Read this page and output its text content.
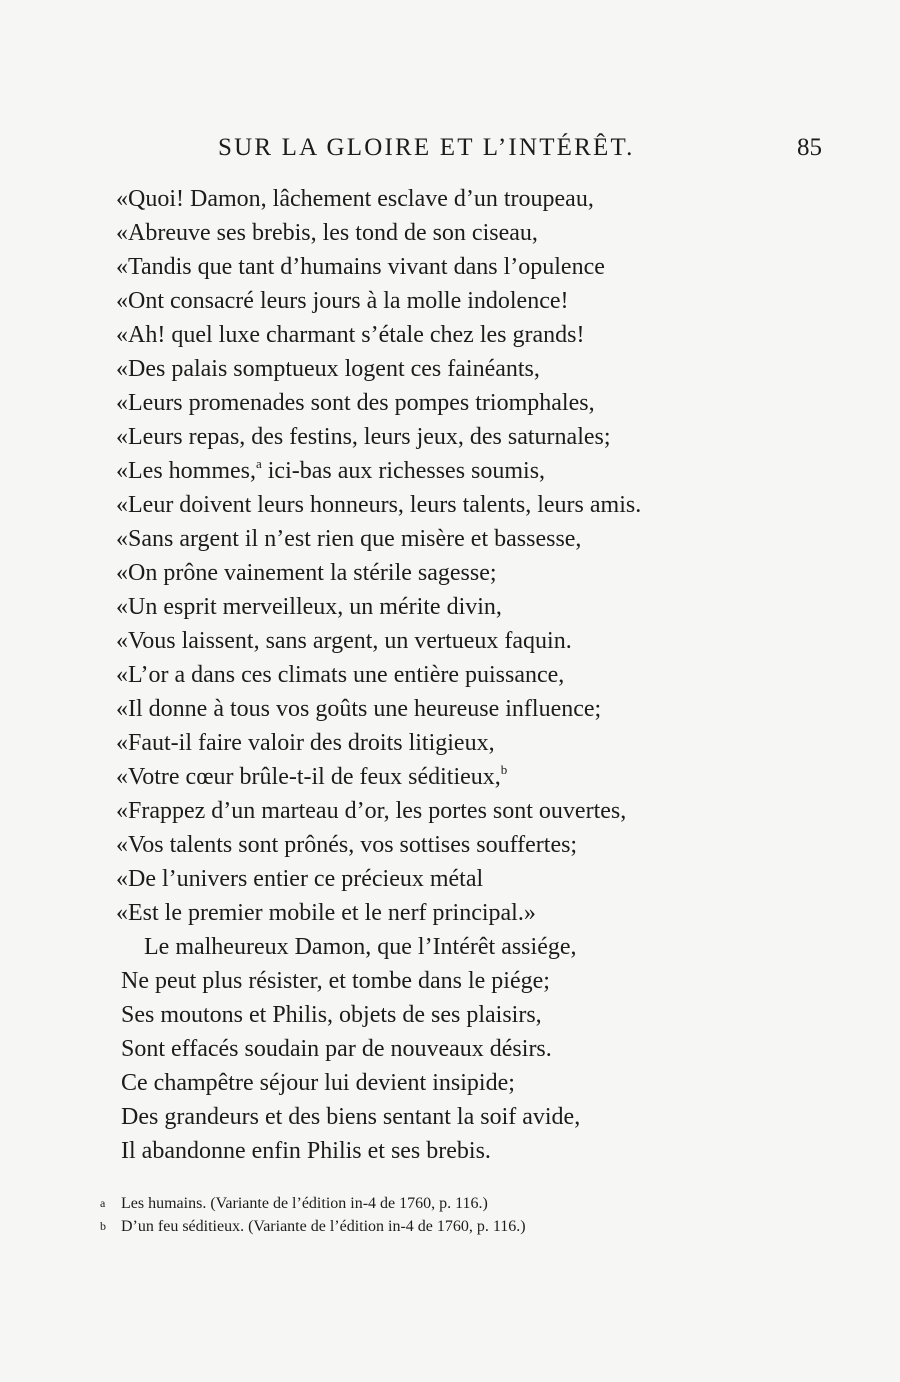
SUR LA GLOIRE ET L’INTÉRÊT.	85
«Quoi! Damon, lâchement esclave d’un troupeau,
«Abreuve ses brebis, les tond de son ciseau,
«Tandis que tant d’humains vivant dans l’opulence
«Ont consacré leurs jours à la molle indolence!
«Ah! quel luxe charmant s’étale chez les grands!
«Des palais somptueux logent ces fainéants,
«Leurs promenades sont des pompes triomphales,
«Leurs repas, des festins, leurs jeux, des saturnales;
«Les hommes,$^a$ ici-bas aux richesses soumis,
«Leur doivent leurs honneurs, leurs talents, leurs amis.
«Sans argent il n’est rien que misère et bassesse,
«On prône vainement la stérile sagesse;
«Un esprit merveilleux, un mérite divin,
«Vous laissent, sans argent, un vertueux faquin.
«L’or a dans ces climats une entière puissance,
«Il donne à tous vos goûts une heureuse influence;
«Faut-il faire valoir des droits litigieux,
«Votre cœur brûle-t-il de feux séditieux,$^b$
«Frappez d’un marteau d’or, les portes sont ouvertes,
«Vos talents sont prônés, vos sottises souffertes;
«De l’univers entier ce précieux métal
«Est le premier mobile et le nerf principal.»
Le malheureux Damon, que l’Intérêt assiége,
Ne peut plus résister, et tombe dans le piége;
Ses moutons et Philis, objets de ses plaisirs,
Sont effacés soudain par de nouveaux désirs.
Ce champêtre séjour lui devient insipide;
Des grandeurs et des biens sentant la soif avide,
Il abandonne enfin Philis et ses brebis.
a Les humains. (Variante de l’édition in-4 de 1760, p. 116.)
b D’un feu séditieux. (Variante de l’édition in-4 de 1760, p. 116.)
